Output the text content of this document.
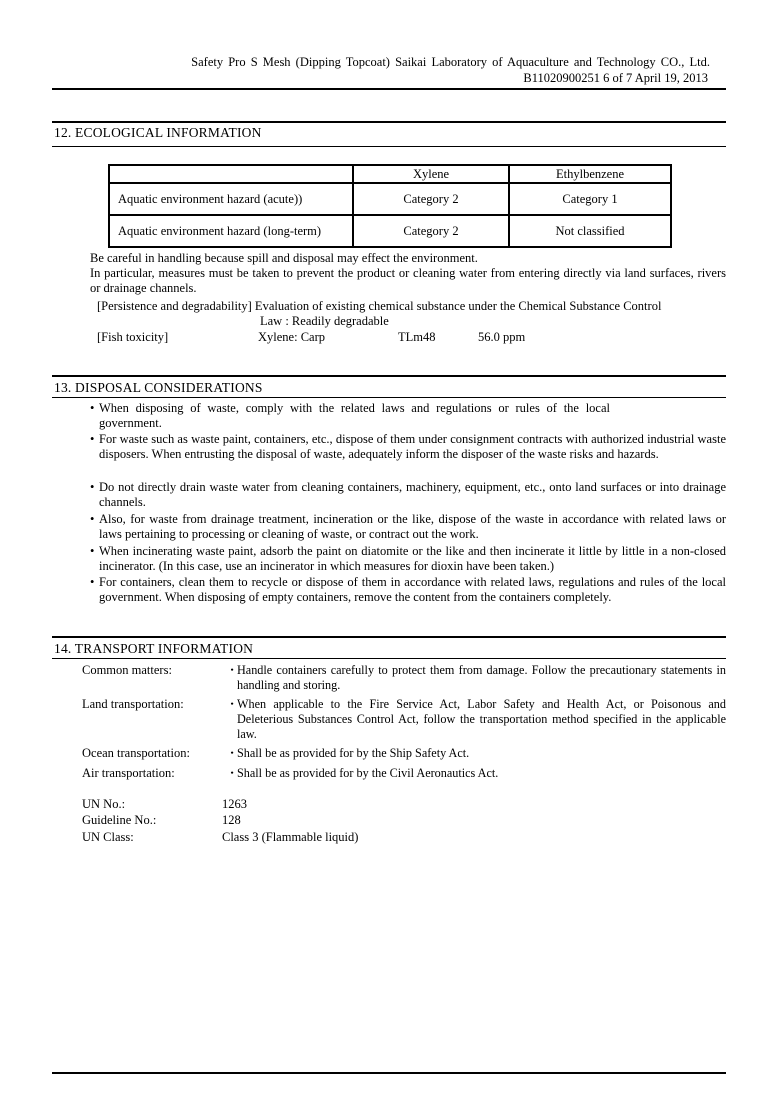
Safety Pro S Mesh (Dipping Topcoat) Saikai Laboratory of Aquaculture and Technology CO., Ltd.
B11020900251 6 of 7 April 19, 2013
12. ECOLOGICAL INFORMATION
	Xylene	Ethylbenzene
Aquatic environment hazard (acute))	Category 2	Category 1
Aquatic environment hazard (long-term)	Category 2	Not classified
Be careful in handling because spill and disposal may effect the environment.
In particular, measures must be taken to prevent the product or cleaning water from entering directly via land surfaces, rivers or drainage channels.
[Persistence and degradability] Evaluation of existing chemical substance under the Chemical Substance Control
Law : Readily degradable
[Fish toxicity]	Xylene: Carp	TLm48	56.0 ppm
13. DISPOSAL CONSIDERATIONS
• When disposing of waste, comply with the related laws and regulations or rules of the local government.
• For waste such as waste paint, containers, etc., dispose of them under consignment contracts with authorized industrial waste disposers. When entrusting the disposal of waste, adequately inform the disposer of the waste risks and hazards.
• Do not directly drain waste water from cleaning containers, machinery, equipment, etc., onto land surfaces or into drainage channels.
• Also, for waste from drainage treatment, incineration or the like, dispose of the waste in accordance with related laws or laws pertaining to processing or cleaning of waste, or contract out the work.
• When incinerating waste paint, adsorb the paint on diatomite or the like and then incinerate it little by little in a non-closed incinerator. (In this case, use an incinerator in which measures for dioxin have been taken.)
• For containers, clean them to recycle or dispose of them in accordance with related laws, regulations and rules of the local government. When disposing of empty containers, remove the content from the containers completely.
14. TRANSPORT INFORMATION
Common matters:	・
Handle containers carefully to protect them from damage. Follow the precautionary statements in handling and storing.
Land transportation:	・
When applicable to the Fire Service Act, Labor Safety and Health Act, or Poisonous and Deleterious Substances Control Act, follow the transportation method specified in the applicable law.
Ocean transportation:	・
Shall be as provided for by the Ship Safety Act.
Air transportation:	・
Shall be as provided for by the Civil Aeronautics Act.
UN No.:	1263
Guideline No.:	128
UN Class:	Class 3 (Flammable liquid)
